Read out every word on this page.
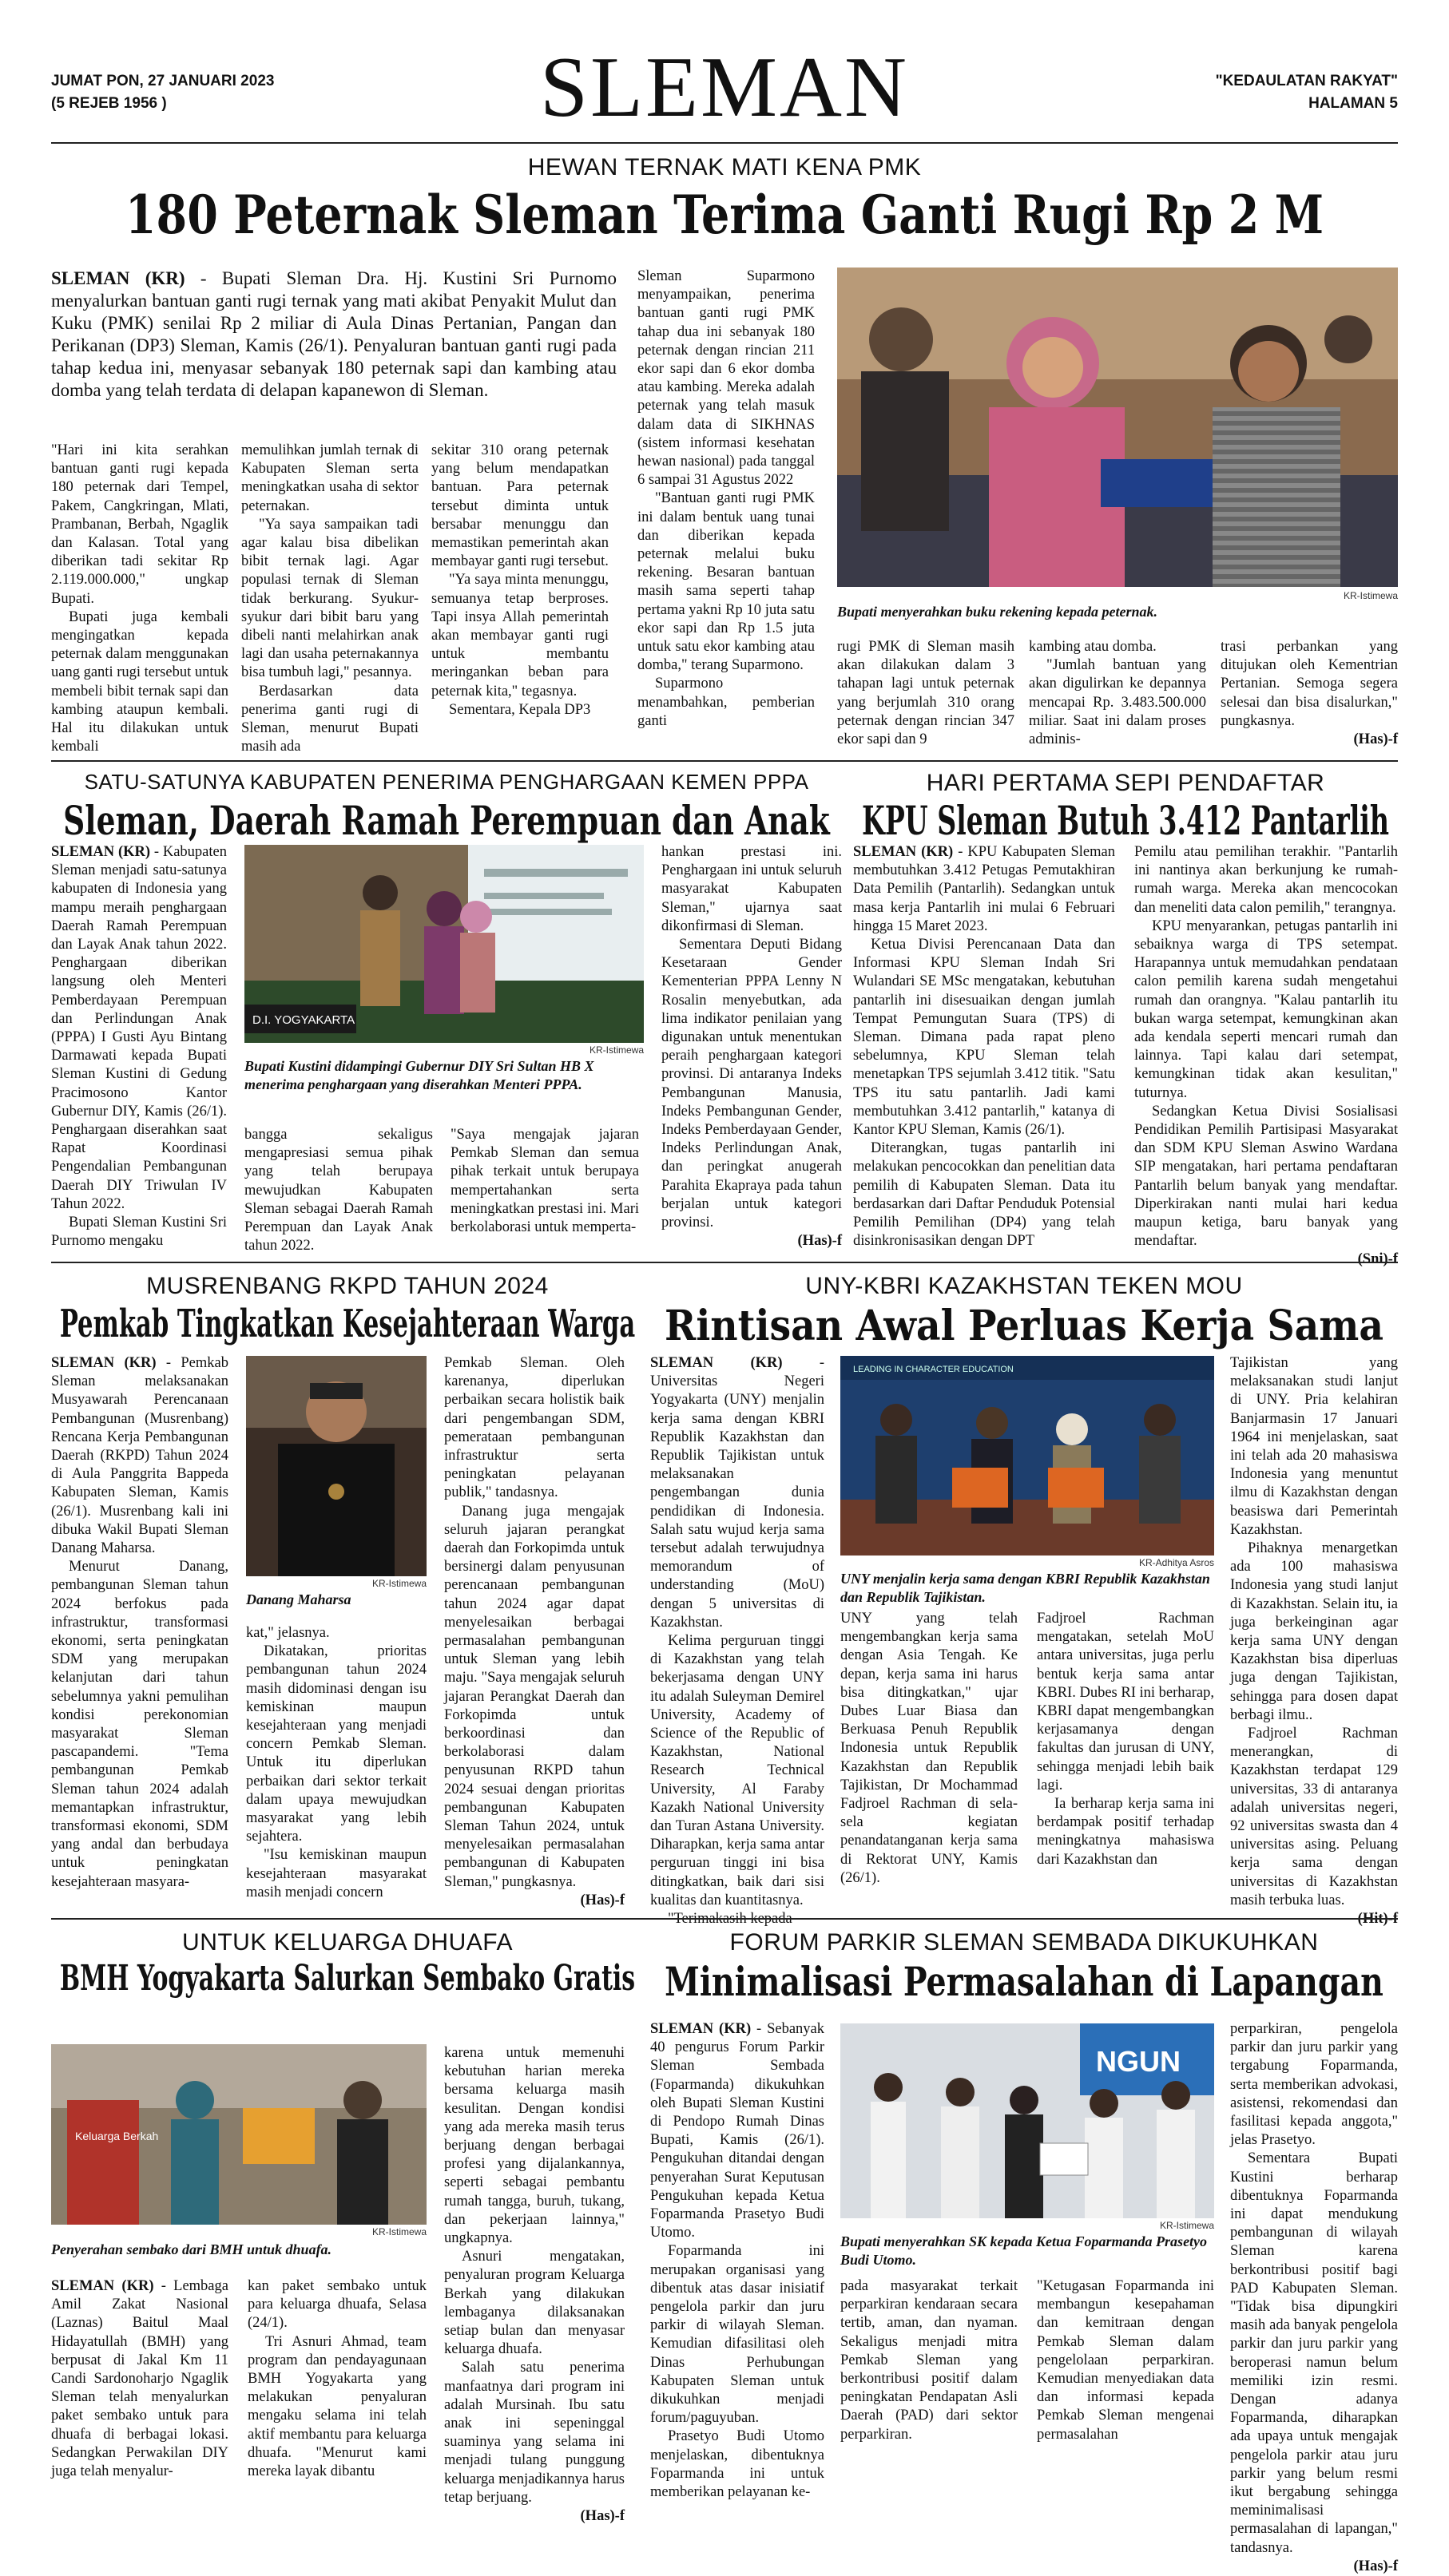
JUMAT PON, 27 JANUARI 2023
(5 REJEB 1956 )	SLEMAN	"KEDAULATAN RAKYAT"
HALAMAN 5
HEWAN TERNAK MATI KENA PMK
180 Peternak Sleman Terima Ganti Rugi Rp 2 M
SLEMAN (KR) - Bupati Sleman Dra. Hj. Kustini Sri Purnomo menyalurkan bantuan ganti rugi ternak yang mati akibat Penyakit Mulut dan Kuku (PMK) senilai Rp 2 miliar di Aula Dinas Pertanian, Pangan dan Perikanan (DP3) Sleman, Kamis (26/1). Penyaluran bantuan ganti rugi pada tahap kedua ini, menyasar sebanyak 180 peternak sapi dan kambing atau domba yang telah terdata di delapan kapanewon di Sleman.

"Hari ini kita serahkan bantuan ganti rugi kepada 180 peternak dari Tempel, Pakem, Cangkringan, Mlati, Prambanan, Berbah, Ngaglik dan Kalasan. Total yang diberikan tadi sekitar Rp 2.119.000.000," ungkap Bupati.

Bupati juga kembali mengingatkan kepada peternak dalam menggunakan uang ganti rugi tersebut untuk membeli bibit ternak sapi dan kambing ataupun kembali. Hal itu dilakukan untuk kembali

memulihkan jumlah ternak di Kabupaten Sleman serta meningkatkan usaha di sektor peternakan.

"Ya saya sampaikan tadi agar kalau bisa dibelikan bibit ternak lagi. Agar populasi ternak di Sleman tidak berkurang. Syukur-syukur dari bibit baru yang dibeli nanti melahirkan anak lagi dan usaha peternakannya bisa tumbuh lagi," pesannya.

Berdasarkan data penerima ganti rugi di Sleman, menurut Bupati masih ada

sekitar 310 orang peternak yang belum mendapatkan bantuan. Para peternak tersebut diminta untuk bersabar menunggu dan memastikan pemerintah akan membayar ganti rugi tersebut.

"Ya saya minta menunggu, semuanya tetap berproses. Tapi insya Allah pemerintah akan membayar ganti rugi untuk membantu meringankan beban para peternak kita," tegasnya.

Sementara, Kepala DP3

Sleman Suparmono menyampaikan, penerima bantuan ganti rugi PMK tahap dua ini sebanyak 180 peternak dengan rincian 211 ekor sapi dan 6 ekor domba atau kambing. Mereka adalah peternak yang telah masuk dalam data di SIKHNAS (sistem informasi kesehatan hewan nasional) pada tanggal 6 sampai 31 Agustus 2022

"Bantuan ganti rugi PMK ini dalam bentuk uang tunai dan diberikan kepada peternak melalui buku rekening. Besaran bantuan masih sama seperti tahap pertama yakni Rp 10 juta satu ekor sapi dan Rp 1.5 juta untuk satu ekor kambing atau domba," terang Suparmono.

Suparmono menambahkan, pemberian ganti

KR-Istimewa
Bupati menyerahkan buku rekening kepada peternak.

rugi PMK di Sleman masih akan dilakukan dalam 3 tahapan lagi untuk peternak yang berjumlah 310 orang peternak dengan rincian 347 ekor sapi dan 9

kambing atau domba.

"Jumlah bantuan yang akan digulirkan ke depannya mencapai Rp. 3.483.500.000 miliar. Saat ini dalam proses adminis-

trasi perbankan yang ditujukan oleh Kementrian Pertanian. Semoga segera selesai dan bisa disalurkan," pungkasnya.

(Has)-f
SATU-SATUNYA KABUPATEN PENERIMA PENGHARGAAN KEMEN PPPA
Sleman, Daerah Ramah Perempuan dan Anak

SLEMAN (KR) - Kabupaten Sleman menjadi satu-satunya kabupaten di Indonesia yang mampu meraih penghargaan Daerah Ramah Perempuan dan Layak Anak tahun 2022. Penghargaan diberikan langsung oleh Menteri Pemberdayaan Perempuan dan Perlindungan Anak (PPPA) I Gusti Ayu Bintang Darmawati kepada Bupati Sleman Kustini di Gedung Pracimosono Kantor Gubernur DIY, Kamis (26/1). Penghargaan diserahkan saat Rapat Koordinasi Pengendalian Pembangunan Daerah DIY Triwulan IV Tahun 2022.

Bupati Sleman Kustini Sri Purnomo mengaku

D.I. YOGYAKARTA
KR-Istimewa
Bupati Kustini didampingi Gubernur DIY Sri Sultan HB X menerima penghargaan yang diserahkan Menteri PPPA.

bangga sekaligus mengapresiasi semua pihak yang telah berupaya mewujudkan Kabupaten Sleman sebagai Daerah Ramah Perempuan dan Layak Anak tahun 2022.

"Saya mengajak jajaran Pemkab Sleman dan semua pihak terkait untuk berupaya mempertahankan serta meningkatkan prestasi ini. Mari berkolaborasi untuk memperta-

hankan prestasi ini. Penghargaan ini untuk seluruh masyarakat Kabupaten Sleman," ujarnya saat dikonfirmasi di Sleman.

Sementara Deputi Bidang Kesetaraan Gender Kementerian PPPA Lenny N Rosalin menyebutkan, ada lima indikator penilaian yang digunakan untuk menentukan peraih penghargaan kategori provinsi. Di antaranya Indeks Pembangunan Manusia, Indeks Pembangunan Gender, Indeks Pemberdayaan Gender, Indeks Perlindungan Anak, dan peringkat anugerah Parahita Ekapraya pada tahun berjalan untuk kategori provinsi.

(Has)-f
HARI PERTAMA SEPI PENDAFTAR
KPU Sleman Butuh 3.412 Pantarlih

SLEMAN (KR) - KPU Kabupaten Sleman membutuhkan 3.412 Petugas Pemutakhiran Data Pemilih (Pantarlih). Sedangkan untuk masa kerja Pantarlih ini mulai 6 Februari hingga 15 Maret 2023.

Ketua Divisi Perencanaan Data dan Informasi KPU Sleman Indah Sri Wulandari SE MSc mengatakan, kebutuhan pantarlih ini disesuaikan dengan jumlah Tempat Pemungutan Suara (TPS) di Sleman. Dimana pada rapat pleno sebelumnya, KPU Sleman telah menetapkan TPS sejumlah 3.412 titik. "Satu TPS itu satu pantarlih. Jadi kami membutuhkan 3.412 pantarlih," katanya di Kantor KPU Sleman, Kamis (26/1).

Diterangkan, tugas pantarlih ini melakukan pencocokkan dan penelitian data pemilih di Kabupaten Sleman. Data itu berdasarkan dari Daftar Penduduk Potensial Pemilih Pemilihan (DP4) yang telah disinkronisasikan dengan DPT

Pemilu atau pemilihan terakhir. "Pantarlih ini nantinya akan berkunjung ke rumah-rumah warga. Mereka akan mencocokan dan meneliti data calon pemilih," terangnya.

KPU menyarankan, petugas pantarlih ini sebaiknya warga di TPS setempat. Harapannya untuk memudahkan pendataan calon pemilih karena sudah mengetahui rumah dan orangnya. "Kalau pantarlih itu bukan warga setempat, kemungkinan akan ada kendala seperti mencari rumah dan lainnya. Tapi kalau dari setempat, kemungkinan tidak akan kesulitan," tuturnya.

Sedangkan Ketua Divisi Sosialisasi Pendidikan Pemilih Partisipasi Masyarakat dan SDM KPU Sleman Aswino Wardana SIP mengatakan, hari pertama pendaftaran Pantarlih belum banyak yang mendaftar. Diperkirakan nanti mulai hari kedua maupun ketiga, baru banyak yang mendaftar.

(Sni)-f
MUSRENBANG RKPD TAHUN 2024
Pemkab Tingkatkan Kesejahteraan Warga

SLEMAN (KR) - Pemkab Sleman melaksanakan Musyawarah Perencanaan Pembangunan (Musrenbang) Rencana Kerja Pembangunan Daerah (RKPD) Tahun 2024 di Aula Panggrita Bappeda Kabupaten Sleman, Kamis (26/1). Musrenbang kali ini dibuka Wakil Bupati Sleman Danang Maharsa.

Menurut Danang, pembangunan Sleman tahun 2024 berfokus pada infrastruktur, transformasi ekonomi, serta peningkatan SDM yang merupakan kelanjutan dari tahun sebelumnya yakni pemulihan kondisi perekonomian masyarakat Sleman pascapandemi. "Tema pembangunan Pemkab Sleman tahun 2024 adalah memantapkan infrastruktur, transformasi ekonomi, SDM yang andal dan berbudaya untuk peningkatan kesejahteraan masyara-

KR-Istimewa
Danang Maharsa

kat," jelasnya.

Dikatakan, prioritas pembangunan tahun 2024 masih didominasi dengan isu kemiskinan maupun kesejahteraan yang menjadi concern Pemkab Sleman. Untuk itu diperlukan perbaikan dari sektor terkait dalam upaya mewujudkan masyarakat yang lebih sejahtera.

"Isu kemiskinan maupun kesejahteraan masyarakat masih menjadi concern

Pemkab Sleman. Oleh karenanya, diperlukan perbaikan secara holistik baik dari pengembangan SDM, pemerataan pembangunan infrastruktur serta peningkatan pelayanan publik," tandasnya.

Danang juga mengajak seluruh jajaran perangkat daerah dan Forkopimda untuk bersinergi dalam penyusunan perencanaan pembangunan tahun 2024 agar dapat menyelesaikan berbagai permasalahan pembangunan untuk Sleman yang lebih maju. "Saya mengajak seluruh jajaran Perangkat Daerah dan Forkopimda untuk berkoordinasi dan berkolaborasi dalam penyusunan RKPD tahun 2024 sesuai dengan prioritas pembangunan Kabupaten Sleman Tahun 2024, untuk menyelesaikan permasalahan pembangunan di Kabupaten Sleman," pungkasnya.

(Has)-f
UNY-KBRI KAZAKHSTAN TEKEN MOU
Rintisan Awal Perluas Kerja Sama

SLEMAN (KR) - Universitas Negeri Yogyakarta (UNY) menjalin kerja sama dengan KBRI Republik Kazakhstan dan Republik Tajikistan untuk melaksanakan pengembangan dunia pendidikan di Indonesia. Salah satu wujud kerja sama tersebut adalah terwujudnya memorandum of understanding (MoU) dengan 5 universitas di Kazakhstan.

Kelima perguruan tinggi di Kazakhstan yang telah bekerjasama dengan UNY itu adalah Suleyman Demirel University, Academy of Science of the Republic of Kazakhstan, National Research Technical University, Al Faraby Kazakh National University dan Turan Astana University. Diharapkan, kerja sama antar perguruan tinggi ini bisa ditingkatkan, baik dari sisi kualitas dan kuantitasnya.

"Terimakasih kepada

LEADING IN CHARACTER EDUCATION
KR-Adhitya Asros
UNY menjalin kerja sama dengan KBRI Republik Kazakhstan dan Republik Tajikistan.

UNY yang telah mengembangkan kerja sama dengan Asia Tengah. Ke depan, kerja sama ini harus bisa ditingkatkan," ujar Dubes Luar Biasa dan Berkuasa Penuh Republik Indonesia untuk Republik Kazakhstan dan Republik Tajikistan, Dr Mochammad Fadjroel Rachman di sela-sela kegiatan penandatanganan kerja sama di Rektorat UNY, Kamis (26/1).

Fadjroel Rachman mengatakan, setelah MoU antara universitas, juga perlu bentuk kerja sama antar KBRI. Dubes RI ini berharap, KBRI dapat mengembangkan kerjasamanya dengan fakultas dan jurusan di UNY, sehingga menjadi lebih baik lagi.

Ia berharap kerja sama ini berdampak positif terhadap meningkatnya mahasiswa dari Kazakhstan dan

Tajikistan yang melaksanakan studi lanjut di UNY. Pria kelahiran Banjarmasin 17 Januari 1964 ini menjelaskan, saat ini telah ada 20 mahasiswa Indonesia yang menuntut ilmu di Kazakhstan dengan beasiswa dari Pemerintah Kazakhstan.

Pihaknya menargetkan ada 100 mahasiswa Indonesia yang studi lanjut di Kazakhstan. Selain itu, ia juga berkeinginan agar kerja sama UNY dengan Kazakhstan bisa diperluas juga dengan Tajikistan, sehingga para dosen dapat berbagi ilmu..

Fadjroel Rachman menerangkan, di Kazakhstan terdapat 129 universitas, 33 di antaranya adalah universitas negeri, 92 universitas swasta dan 4 universitas asing. Peluang kerja sama dengan universitas di Kazakhstan masih terbuka luas.

(Hit)-f
UNTUK KELUARGA DHUAFA
BMH Yogyakarta Salurkan Sembako Gratis
Keluarga Berkah
KR-Istimewa
Penyerahan sembako dari BMH untuk dhuafa.

SLEMAN (KR) - Lembaga Amil Zakat Nasional (Laznas) Baitul Maal Hidayatullah (BMH) yang berpusat di Jakal Km 11 Candi Sardonoharjo Ngaglik Sleman telah menyalurkan paket sembako untuk para dhuafa di berbagai lokasi. Sedangkan Perwakilan DIY juga telah menyalur-

kan paket sembako untuk para keluarga dhuafa, Selasa (24/1).

Tri Asnuri Ahmad, team program dan pendayagunaan BMH Yogyakarta yang melakukan penyaluran mengaku selama ini telah aktif membantu para keluarga dhuafa. "Menurut kami mereka layak dibantu

karena untuk memenuhi kebutuhan harian mereka bersama keluarga masih kesulitan. Dengan kondisi yang ada mereka masih terus berjuang dengan berbagai profesi yang dijalankannya, seperti sebagai pembantu rumah tangga, buruh, tukang, dan pekerjaan lainnya," ungkapnya.

Asnuri mengatakan, penyaluran program Keluarga Berkah yang dilakukan lembaganya dilaksanakan setiap bulan dan menyasar keluarga dhuafa.

Salah satu penerima manfaatnya dari program ini adalah Mursinah. Ibu satu anak ini sepeninggal suaminya yang selama ini menjadi tulang punggung keluarga menjadikannya harus tetap berjuang.

(Has)-f
FORUM PARKIR SLEMAN SEMBADA DIKUKUHKAN
Minimalisasi Permasalahan di Lapangan

SLEMAN (KR) - Sebanyak 40 pengurus Forum Parkir Sleman Sembada (Foparmanda) dikukuhkan oleh Bupati Sleman Kustini di Pendopo Rumah Dinas Bupati, Kamis (26/1). Pengukuhan ditandai dengan penyerahan Surat Keputusan Pengukuhan kepada Ketua Foparmanda Prasetyo Budi Utomo.

Foparmanda ini merupakan organisasi yang dibentuk atas dasar inisiatif pengelola parkir dan juru parkir di wilayah Sleman. Kemudian difasilitasi oleh Dinas Perhubungan Kabupaten Sleman untuk dikukuhkan menjadi forum/paguyuban.

Prasetyo Budi Utomo menjelaskan, dibentuknya Foparmanda ini untuk memberikan pelayanan ke-

NGUN
KR-Istimewa
Bupati menyerahkan SK kepada Ketua Foparmanda Prasetyo Budi Utomo.

pada masyarakat terkait perparkiran kendaraan secara tertib, aman, dan nyaman. Sekaligus menjadi mitra Pemkab Sleman yang berkontribusi positif dalam peningkatan Pendapatan Asli Daerah (PAD) dari sektor perparkiran.

"Ketugasan Foparmanda ini membangun kesepahaman dan kemitraan dengan Pemkab Sleman dalam pengelolaan perparkiran. Kemudian menyediakan data dan informasi kepada Pemkab Sleman mengenai permasalahan

perparkiran, pengelola parkir dan juru parkir yang tergabung Foparmanda, serta memberikan advokasi, asistensi, rekomendasi dan fasilitasi kepada anggota," jelas Prasetyo.

Sementara Bupati Kustini berharap dibentuknya Foparmanda ini dapat mendukung pembangunan di wilayah Sleman karena berkontribusi positif bagi PAD Kabupaten Sleman. "Tidak bisa dipungkiri masih ada banyak pengelola parkir dan juru parkir yang beroperasi namun belum memiliki izin resmi. Dengan adanya Foparmanda, diharapkan ada upaya untuk mengajak pengelola parkir atau juru parkir yang belum resmi ikut bergabung sehingga meminimalisasi permasalahan di lapangan," tandasnya.

(Has)-f
